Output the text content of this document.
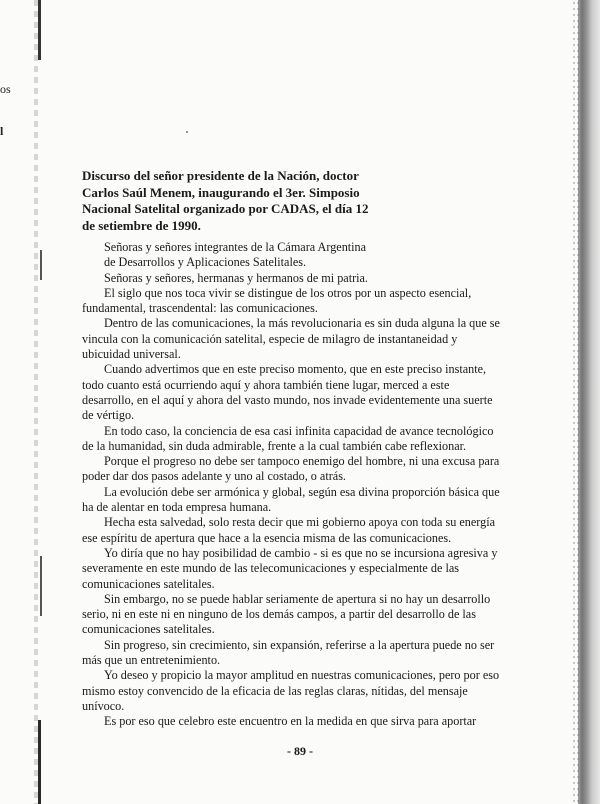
os
l
Discurso del señor presidente de la Nación, doctor
Carlos Saúl Menem, inaugurando el 3er. Simposio
Nacional Satelital organizado por CADAS, el día 12
de setiembre de 1990.
Señoras y señores integrantes de la Cámara Argentina
de Desarrollos y Aplicaciones Satelitales.
Señoras y señores, hermanas y hermanos de mi patria.
El siglo que nos toca vivir se distingue de los otros por un aspecto esencial,
fundamental, trascendental: las comunicaciones.
Dentro de las comunicaciones, la más revolucionaria es sin duda alguna la que se
vincula con la comunicación satelital, especie de milagro de instantaneidad y
ubicuidad universal.
Cuando advertimos que en este preciso momento, que en este preciso instante,
todo cuanto está ocurriendo aquí y ahora también tiene lugar, merced a este
desarrollo, en el aquí y ahora del vasto mundo, nos invade evidentemente una suerte
de vértigo.
En todo caso, la conciencia de esa casi infinita capacidad de avance tecnológico
de la humanidad, sin duda admirable, frente a la cual también cabe reflexionar.
Porque el progreso no debe ser tampoco enemigo del hombre, ni una excusa para
poder dar dos pasos adelante y uno al costado, o atrás.
La evolución debe ser armónica y global, según esa divina proporción básica que
ha de alentar en toda empresa humana.
Hecha esta salvedad, solo resta decir que mi gobierno apoya con toda su energía
ese espíritu de apertura que hace a la esencia misma de las comunicaciones.
Yo diría que no hay posibilidad de cambio - si es que no se incursiona agresiva y
severamente en este mundo de las telecomunicaciones y especialmente de las
comunicaciones satelitales.
Sin embargo, no se puede hablar seriamente de apertura si no hay un desarrollo
serio, ni en este ni en ninguno de los demás campos, a partir del desarrollo de las
comunicaciones satelitales.
Sin progreso, sin crecimiento, sin expansión, referirse a la apertura puede no ser
más que un entretenimiento.
Yo deseo y propicio la mayor amplitud en nuestras comunicaciones, pero por eso
mismo estoy convencido de la eficacia de las reglas claras, nítidas, del mensaje
unívoco.
Es por eso que celebro este encuentro en la medida en que sirva para aportar
- 89 -
